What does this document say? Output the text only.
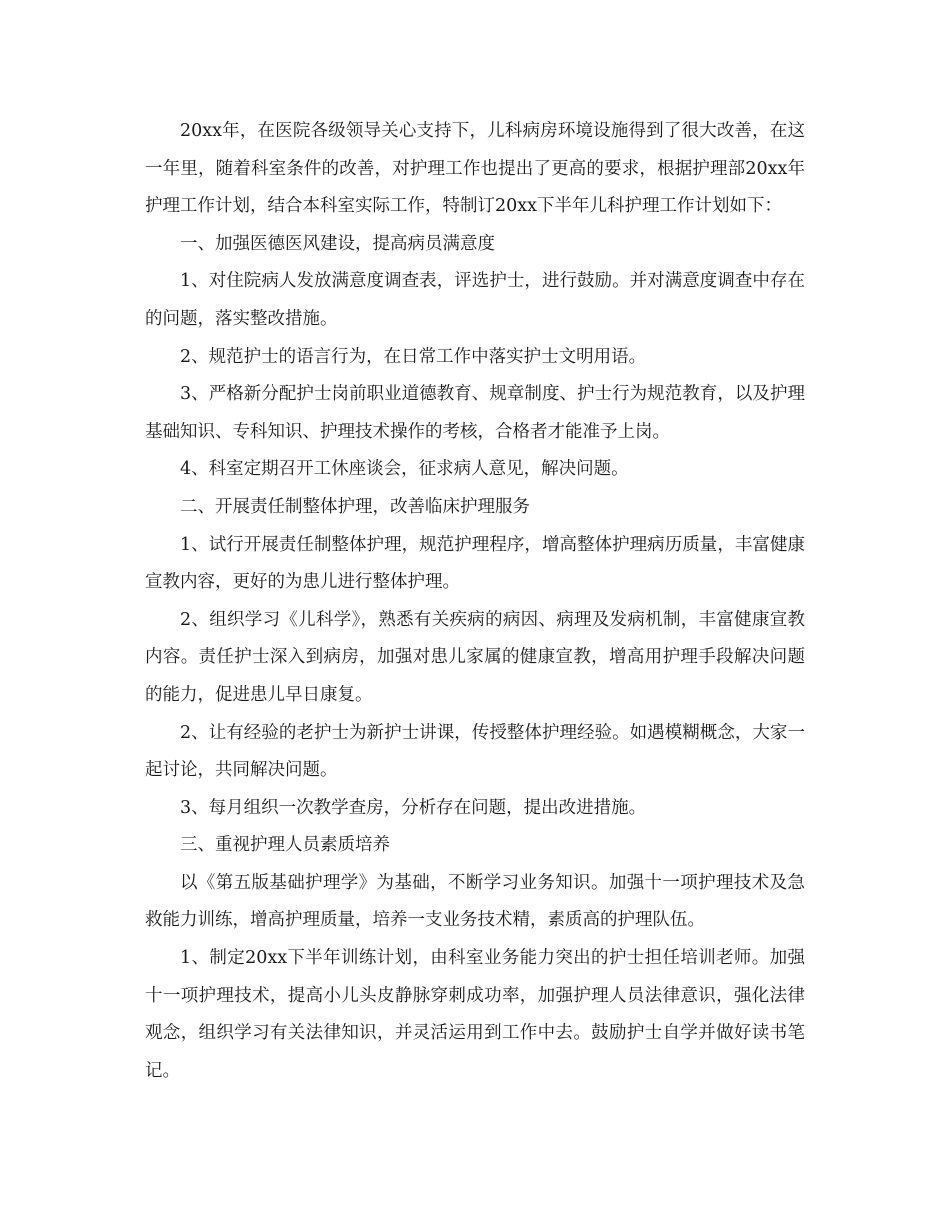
20xx年，在医院各级领导关心支持下，儿科病房环境设施得到了很大改善，在这一年里，随着科室条件的改善，对护理工作也提出了更高的要求，根据护理部20xx年护理工作计划，结合本科室实际工作，特制订20xx下半年儿科护理工作计划如下：

一、加强医德医风建设，提高病员满意度

1、对住院病人发放满意度调查表，评选护士，进行鼓励。并对满意度调查中存在的问题，落实整改措施。

2、规范护士的语言行为，在日常工作中落实护士文明用语。

3、严格新分配护士岗前职业道德教育、规章制度、护士行为规范教育，以及护理基础知识、专科知识、护理技术操作的考核，合格者才能准予上岗。

4、科室定期召开工休座谈会，征求病人意见，解决问题。

二、开展责任制整体护理，改善临床护理服务

1、试行开展责任制整体护理，规范护理程序，增高整体护理病历质量，丰富健康宣教内容，更好的为患儿进行整体护理。

2、组织学习《儿科学》，熟悉有关疾病的病因、病理及发病机制，丰富健康宣教内容。责任护士深入到病房，加强对患儿家属的健康宣教，增高用护理手段解决问题的能力，促进患儿早日康复。

2、让有经验的老护士为新护士讲课，传授整体护理经验。如遇模糊概念，大家一起讨论，共同解决问题。

3、每月组织一次教学查房，分析存在问题，提出改进措施。

三、重视护理人员素质培养

以《第五版基础护理学》为基础，不断学习业务知识。加强十一项护理技术及急救能力训练，增高护理质量，培养一支业务技术精，素质高的护理队伍。

1、制定20xx下半年训练计划，由科室业务能力突出的护士担任培训老师。加强十一项护理技术，提高小儿头皮静脉穿刺成功率，加强护理人员法律意识，强化法律观念，组织学习有关法律知识，并灵活运用到工作中去。鼓励护士自学并做好读书笔记。
